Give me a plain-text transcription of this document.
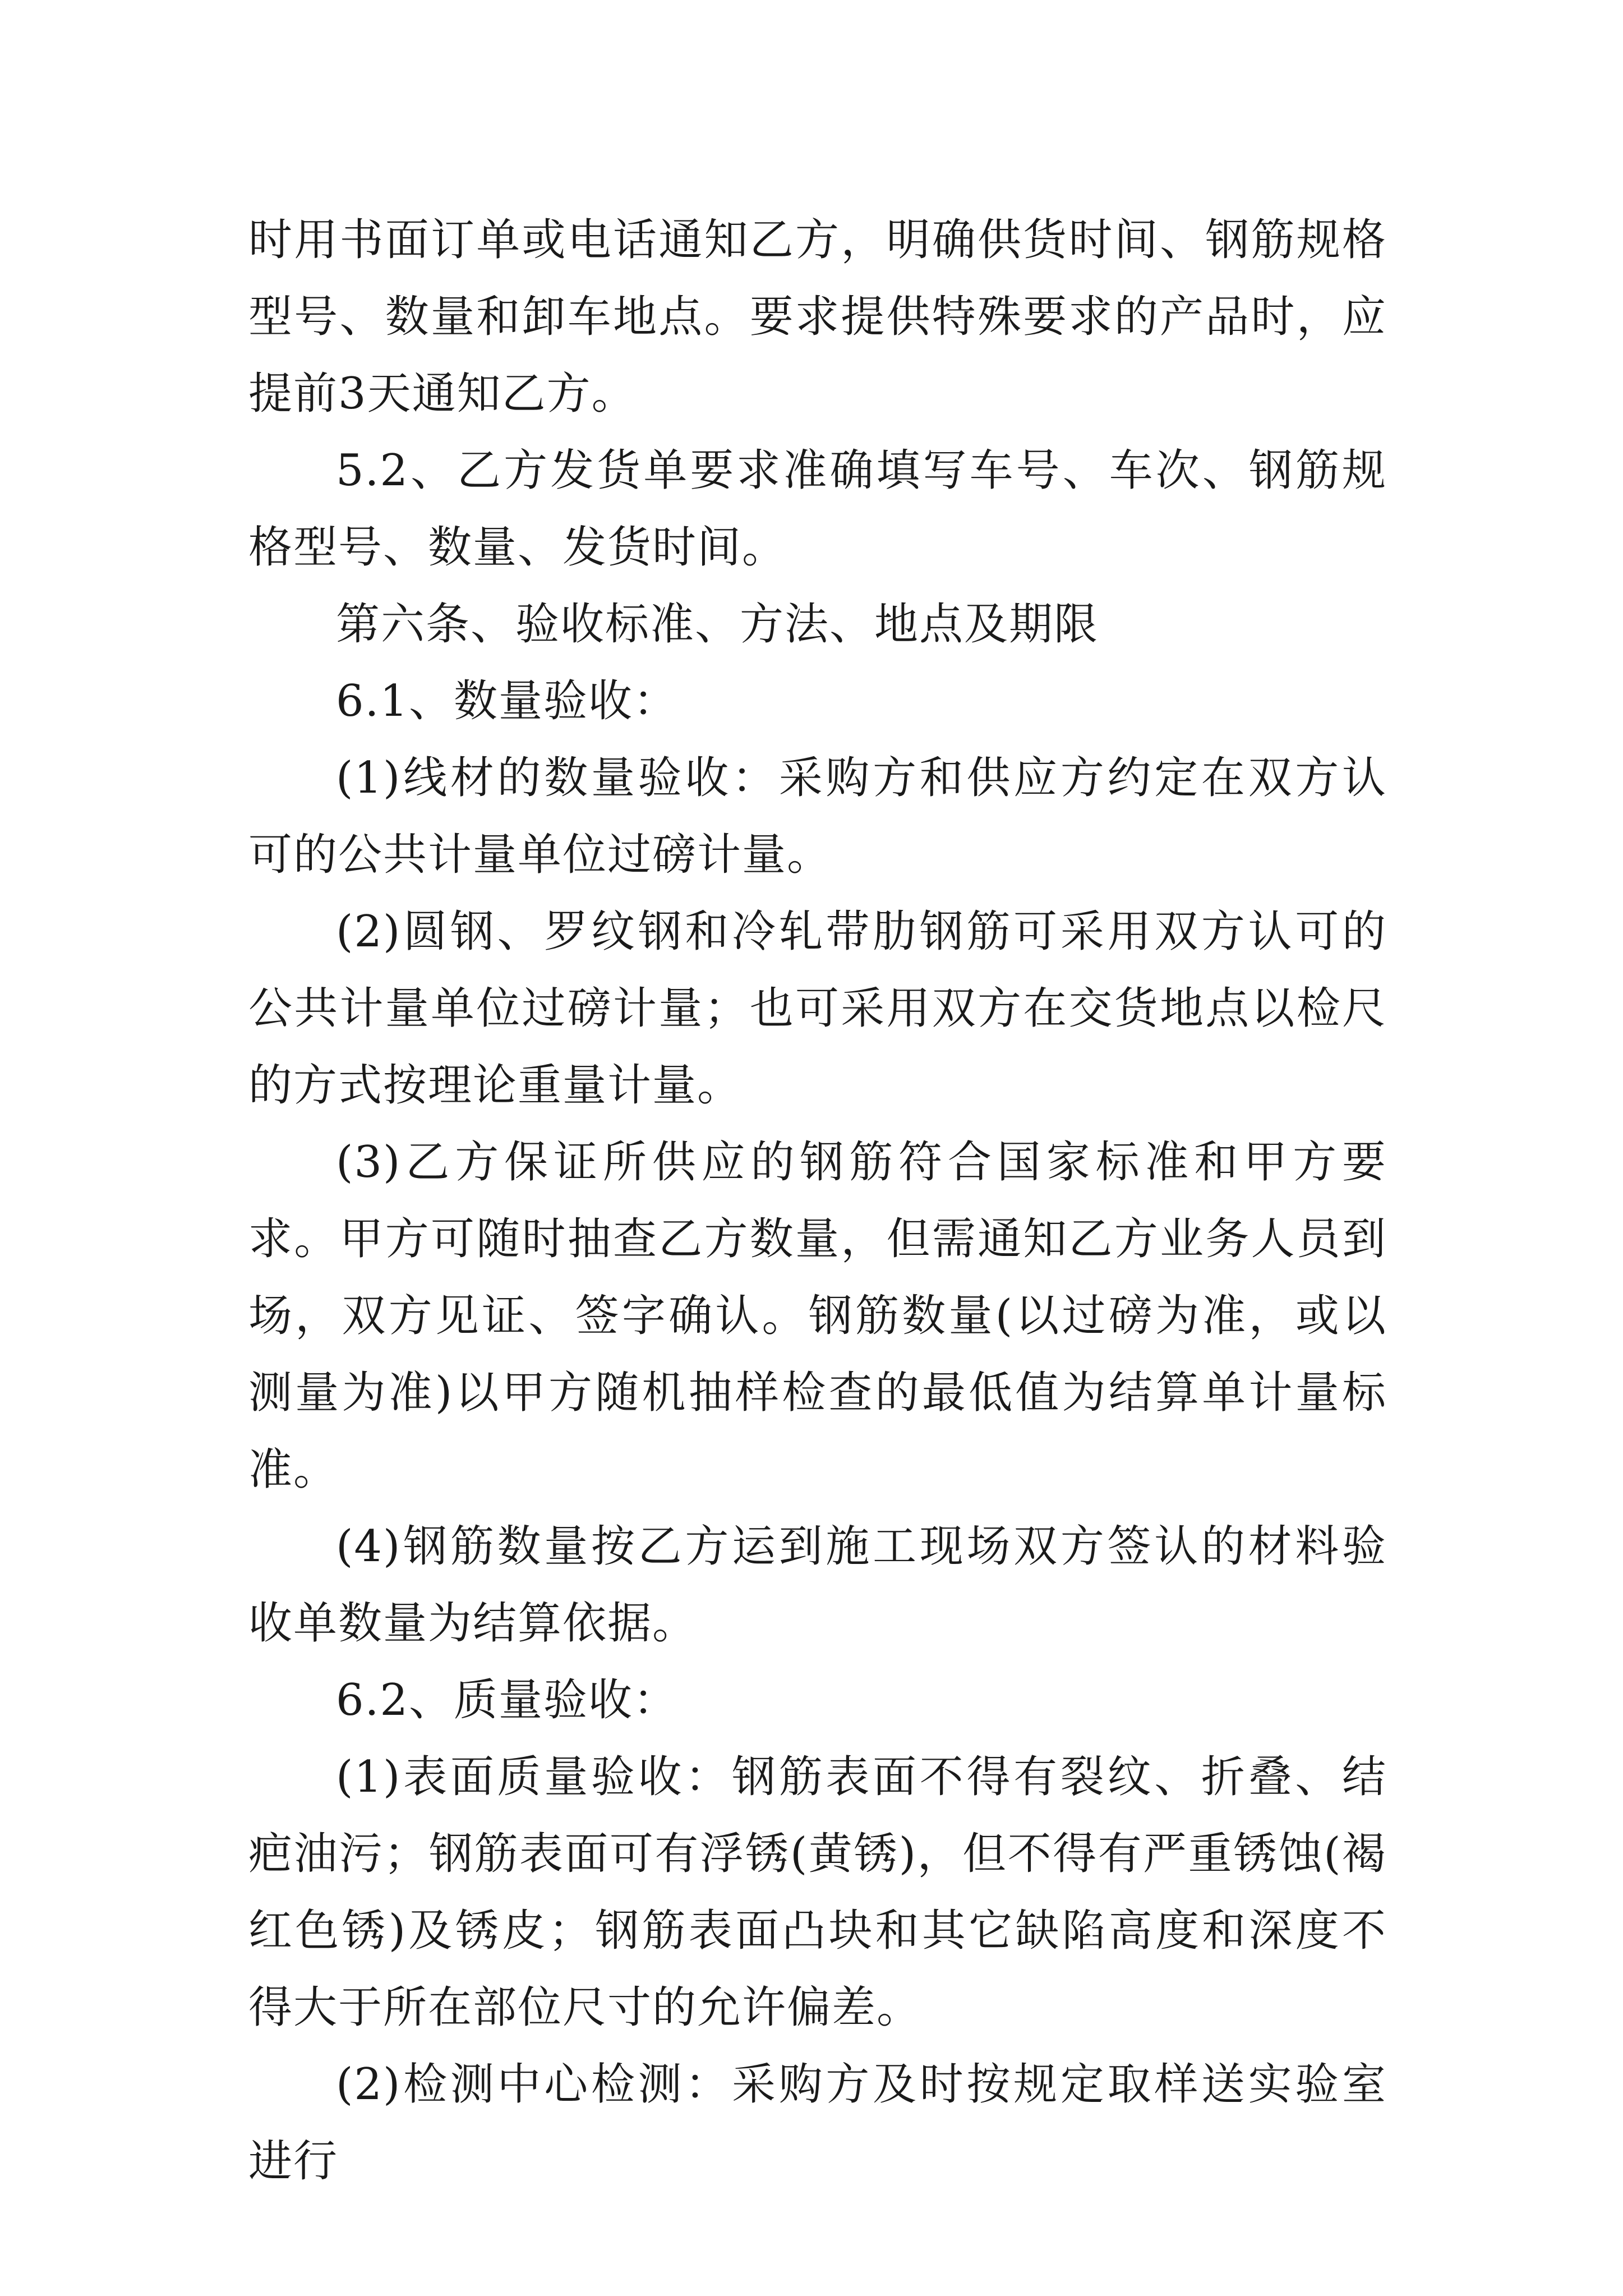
时用书面订单或电话通知乙方，明确供货时间、钢筋规格型号、数量和卸车地点。要求提供特殊要求的产品时，应提前3天通知乙方。

5.2、乙方发货单要求准确填写车号、车次、钢筋规格型号、数量、发货时间。

第六条、验收标准、方法、地点及期限

6.1、数量验收：

(1)线材的数量验收：采购方和供应方约定在双方认可的公共计量单位过磅计量。

(2)圆钢、罗纹钢和冷轧带肋钢筋可采用双方认可的公共计量单位过磅计量；也可采用双方在交货地点以检尺的方式按理论重量计量。

(3)乙方保证所供应的钢筋符合国家标准和甲方要求。甲方可随时抽查乙方数量，但需通知乙方业务人员到场，双方见证、签字确认。钢筋数量(以过磅为准，或以测量为准)以甲方随机抽样检查的最低值为结算单计量标准。

(4)钢筋数量按乙方运到施工现场双方签认的材料验收单数量为结算依据。

6.2、质量验收：

(1)表面质量验收：钢筋表面不得有裂纹、折叠、结疤油污；钢筋表面可有浮锈(黄锈)，但不得有严重锈蚀(褐红色锈)及锈皮；钢筋表面凸块和其它缺陷高度和深度不得大于所在部位尺寸的允许偏差。

(2)检测中心检测：采购方及时按规定取样送实验室进行
